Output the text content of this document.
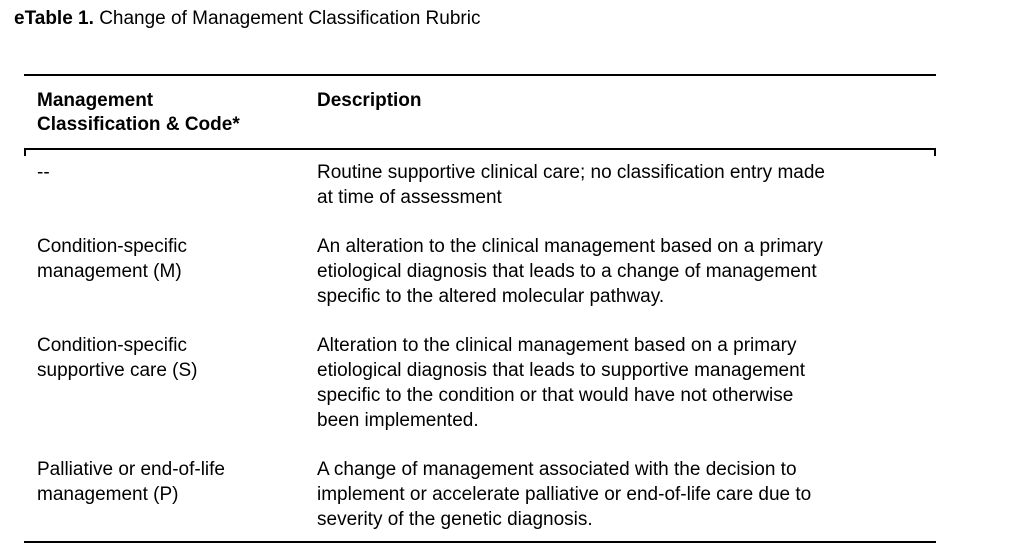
eTable 1. Change of Management Classification Rubric
Management
Classification & Code*
Description
--	Routine supportive clinical care; no classification entry made
at time of assessment
Condition-specific
management (M)
An alteration to the clinical management based on a primary
etiological diagnosis that leads to a change of management
specific to the altered molecular pathway.
Condition-specific
supportive care (S)
Alteration to the clinical management based on a primary
etiological diagnosis that leads to supportive management
specific to the condition or that would have not otherwise
been implemented.
Palliative or end-of-life
management (P)
A change of management associated with the decision to
implement or accelerate palliative or end-of-life care due to
severity of the genetic diagnosis.
